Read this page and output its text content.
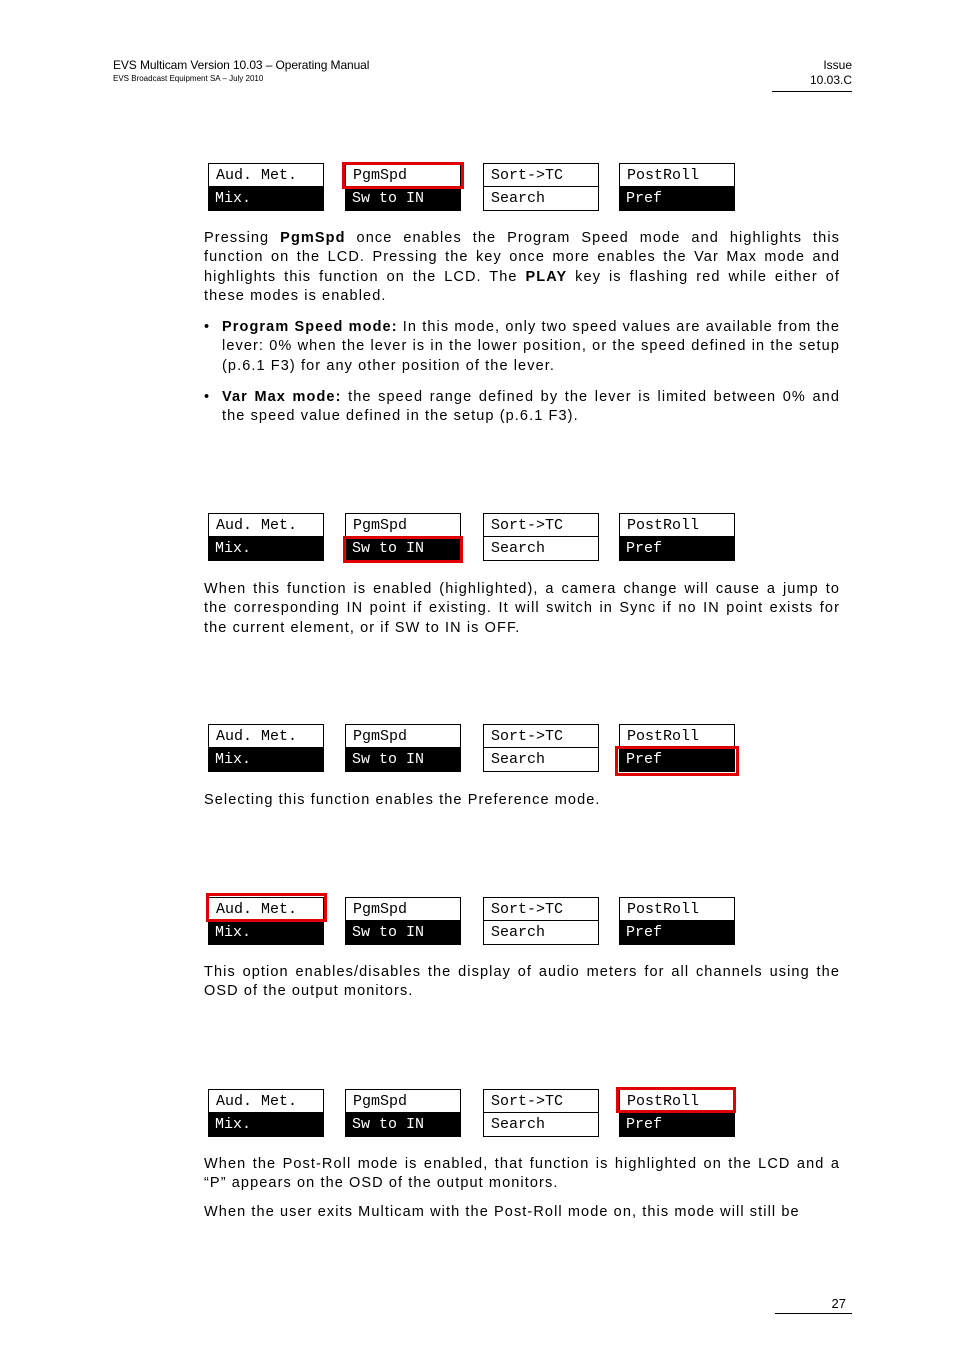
EVS Multicam Version 10.03 – Operating Manual
EVS Broadcast Equipment SA – July 2010
Issue
10.03.C
Aud. Met.
Mix.
PgmSpd
Sw to IN
Sort->TC
Search
PostRoll
Pref
Pressing PgmSpd once enables the Program Speed mode and highlights this function on the LCD. Pressing the key once more enables the Var Max mode and highlights this function on the LCD. The PLAY key is flashing red while either of these modes is enabled.
• Program Speed mode: In this mode, only two speed values are available from the lever: 0% when the lever is in the lower position, or the speed defined in the setup (p.6.1 F3) for any other position of the lever.
• Var Max mode: the speed range defined by the lever is limited between 0% and the speed value defined in the setup (p.6.1 F3).
Aud. Met.
Mix.
PgmSpd
Sw to IN
Sort->TC
Search
PostRoll
Pref
When this function is enabled (highlighted), a camera change will cause a jump to the corresponding IN point if existing. It will switch in Sync if no IN point exists for the current element, or if SW to IN is OFF.
Aud. Met.
Mix.
PgmSpd
Sw to IN
Sort->TC
Search
PostRoll
Pref
Selecting this function enables the Preference mode.
Aud. Met.
Mix.
PgmSpd
Sw to IN
Sort->TC
Search
PostRoll
Pref
This option enables/disables the display of audio meters for all channels using the OSD of the output monitors.
Aud. Met.
Mix.
PgmSpd
Sw to IN
Sort->TC
Search
PostRoll
Pref
When the Post-Roll mode is enabled, that function is highlighted on the LCD and a “P” appears on the OSD of the output monitors.
When the user exits Multicam with the Post-Roll mode on, this mode will still be
27
